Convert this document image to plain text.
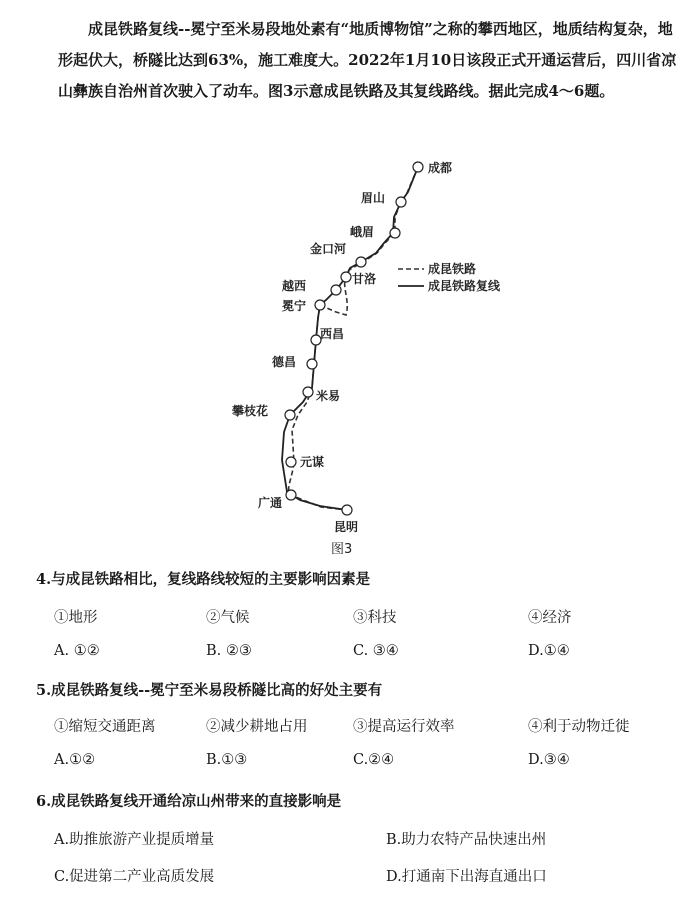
成昆铁路复线--冕宁至米易段地处素有“地质博物馆”之称的攀西地区，地质结构复杂，地形起伏大，桥隧比达到63%，施工难度大。2022年1月10日该段正式开通运营后，四川省凉山彝族自治州首次驶入了动车。图3示意成昆铁路及其复线路线。据此完成4～6题。

成都
眉山
峨眉
金口河
甘洛
越西
冕宁
西昌
德昌
米易
攀枝花
元谋
广通
昆明
成昆铁路
成昆铁路复线
图3
4.与成昆铁路相比，复线路线较短的主要影响因素是
①地形	②气候	③科技	④经济
A. ①②	B. ②③	C. ③④	D.①④
5.成昆铁路复线--冕宁至米易段桥隧比高的好处主要有
①缩短交通距离	②减少耕地占用	③提高运行效率	④利于动物迁徙
A.①②	B.①③	C.②④	D.③④
6.成昆铁路复线开通给凉山州带来的直接影响是
A.助推旅游产业提质增量	B.助力农特产品快速出州
C.促进第二产业高质发展	D.打通南下出海直通出口
